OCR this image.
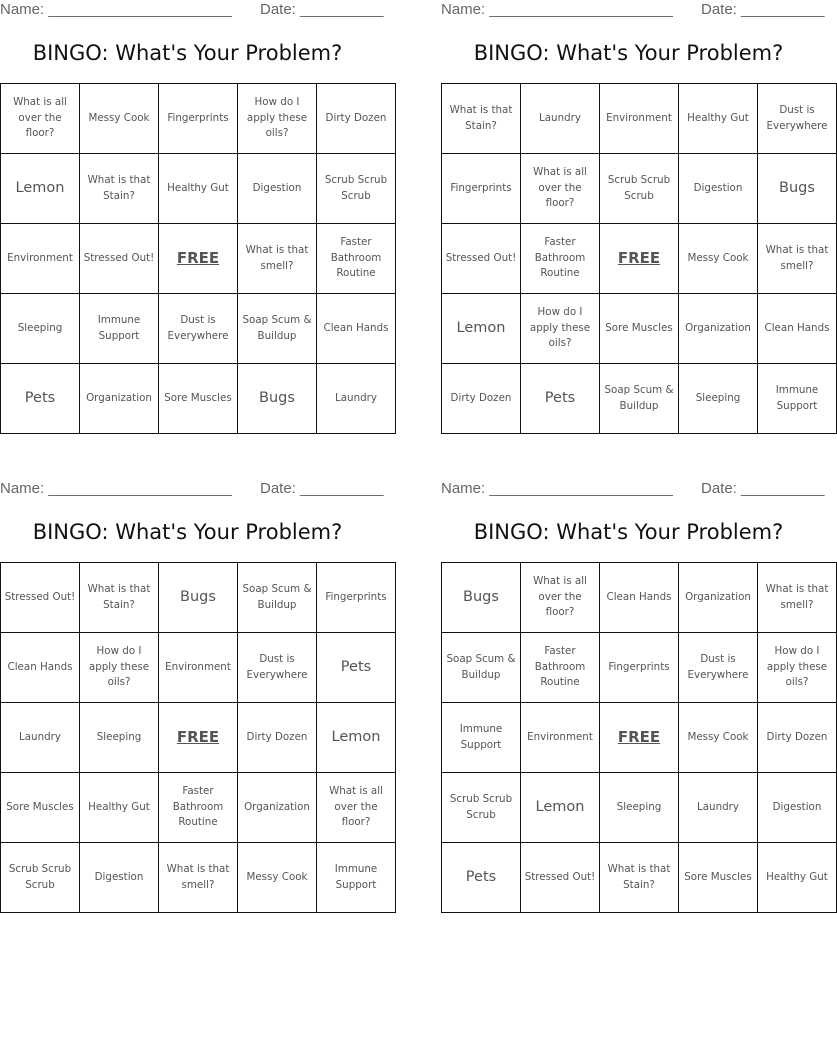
Name: ______________________ Date: __________
BINGO: What's Your Problem?
What is all over the floor?	Messy Cook	Fingerprints	How do I apply these oils?	Dirty Dozen
Lemon	What is that Stain?	Healthy Gut	Digestion	Scrub Scrub Scrub
Environment	Stressed Out!	FREE	What is that smell?	Faster Bathroom Routine
Sleeping	Immune Support	Dust is Everywhere	Soap Scum & Buildup	Clean Hands
Pets	Organization	Sore Muscles	Bugs	Laundry
Name: ______________________ Date: __________
BINGO: What's Your Problem?
What is that Stain?	Laundry	Environment	Healthy Gut	Dust is Everywhere
Fingerprints	What is all over the floor?	Scrub Scrub Scrub	Digestion	Bugs
Stressed Out!	Faster Bathroom Routine	FREE	Messy Cook	What is that smell?
Lemon	How do I apply these oils?	Sore Muscles	Organization	Clean Hands
Dirty Dozen	Pets	Soap Scum & Buildup	Sleeping	Immune Support
Name: ______________________ Date: __________
BINGO: What's Your Problem?
Stressed Out!	What is that Stain?	Bugs	Soap Scum & Buildup	Fingerprints
Clean Hands	How do I apply these oils?	Environment	Dust is Everywhere	Pets
Laundry	Sleeping	FREE	Dirty Dozen	Lemon
Sore Muscles	Healthy Gut	Faster Bathroom Routine	Organization	What is all over the floor?
Scrub Scrub Scrub	Digestion	What is that smell?	Messy Cook	Immune Support
Name: ______________________ Date: __________
BINGO: What's Your Problem?
Bugs	What is all over the floor?	Clean Hands	Organization	What is that smell?
Soap Scum & Buildup	Faster Bathroom Routine	Fingerprints	Dust is Everywhere	How do I apply these oils?
Immune Support	Environment	FREE	Messy Cook	Dirty Dozen
Scrub Scrub Scrub	Lemon	Sleeping	Laundry	Digestion
Pets	Stressed Out!	What is that Stain?	Sore Muscles	Healthy Gut
